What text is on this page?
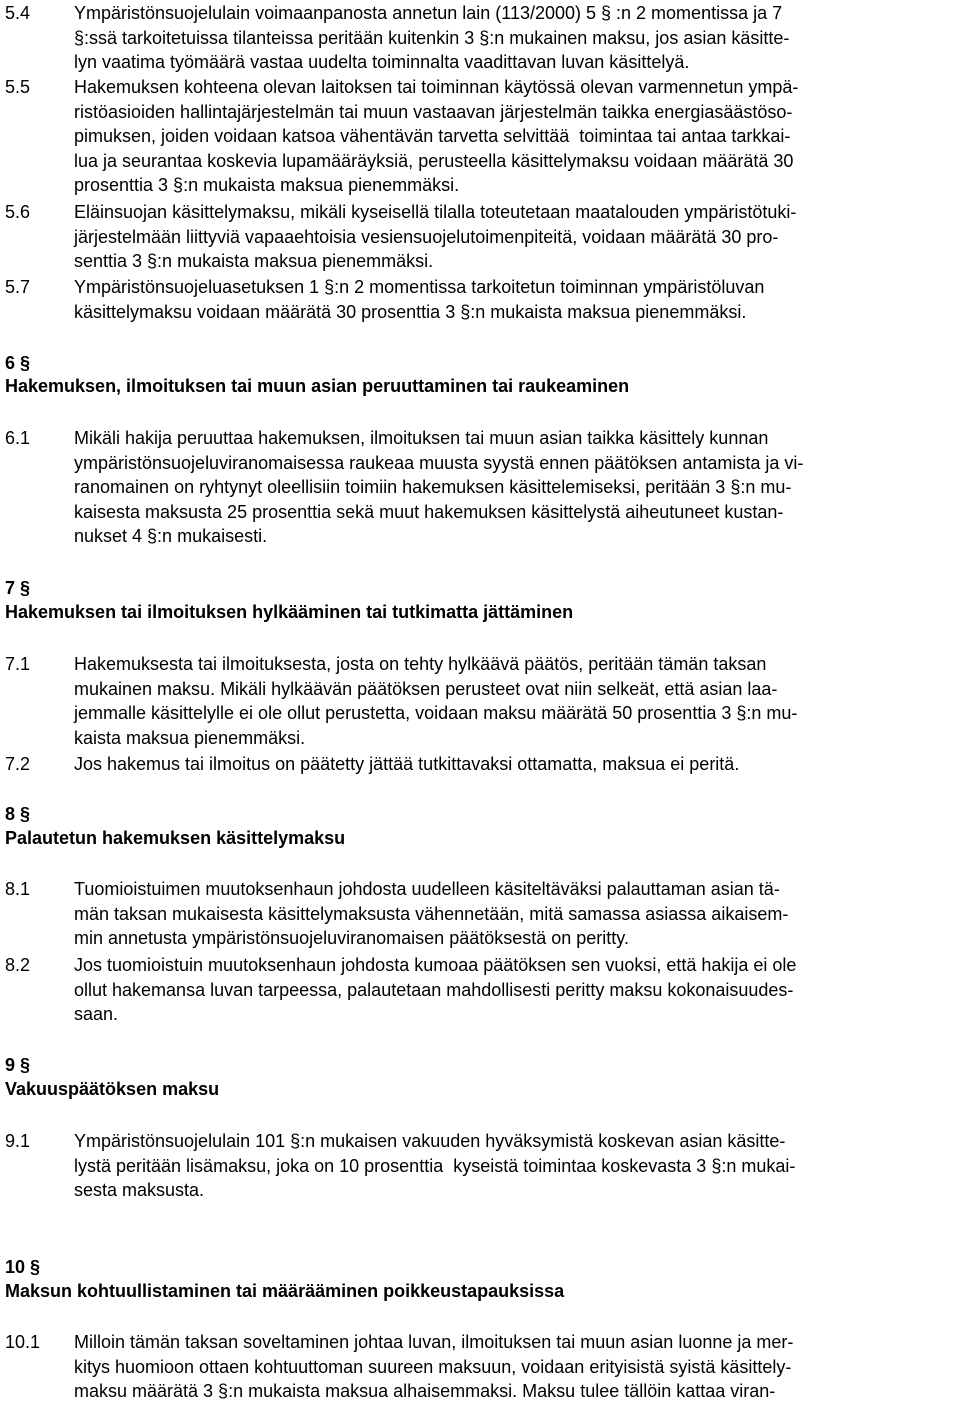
5.4 Ympäristönsuojelulain voimaanpanosta annetun lain (113/2000) 5 § :n 2 momentissa ja 7
§:ssä tarkoitetuissa tilanteissa peritään kuitenkin 3 §:n mukainen maksu, jos asian käsitte-
lyn vaatima työmäärä vastaa uudelta toiminnalta vaadittavan luvan käsittelyä.
5.5 Hakemuksen kohteena olevan laitoksen tai toiminnan käytössä olevan varmennetun ympä-
ristöasioiden hallintajärjestelmän tai muun vastaavan järjestelmän taikka energiasäästöso-
pimuksen, joiden voidaan katsoa vähentävän tarvetta selvittää  toimintaa tai antaa tarkkai-
lua ja seurantaa koskevia lupamääräyksiä, perusteella käsittelymaksu voidaan määrätä 30
prosenttia 3 §:n mukaista maksua pienemmäksi.
5.6 Eläinsuojan käsittelymaksu, mikäli kyseisellä tilalla toteutetaan maatalouden ympäristötuki-
järjestelmään liittyviä vapaaehtoisia vesiensuojelutoimenpiteitä, voidaan määrätä 30 pro-
senttia 3 §:n mukaista maksua pienemmäksi.
5.7 Ympäristönsuojeluasetuksen 1 §:n 2 momentissa tarkoitetun toiminnan ympäristöluvan
käsittelymaksu voidaan määrätä 30 prosenttia 3 §:n mukaista maksua pienemmäksi.
6 §
Hakemuksen, ilmoituksen tai muun asian peruuttaminen tai raukeaminen
6.1 Mikäli hakija peruuttaa hakemuksen, ilmoituksen tai muun asian taikka käsittely kunnan
ympäristönsuojeluviranomaisessa raukeaa muusta syystä ennen päätöksen antamista ja vi-
ranomainen on ryhtynyt oleellisiin toimiin hakemuksen käsittelemiseksi, peritään 3 §:n mu-
kaisesta maksusta 25 prosenttia sekä muut hakemuksen käsittelystä aiheutuneet kustan-
nukset 4 §:n mukaisesti.
7 §
Hakemuksen tai ilmoituksen hylkääminen tai tutkimatta jättäminen
7.1 Hakemuksesta tai ilmoituksesta, josta on tehty hylkäävä päätös, peritään tämän taksan
mukainen maksu. Mikäli hylkäävän päätöksen perusteet ovat niin selkeät, että asian laa-
jemmalle käsittelylle ei ole ollut perustetta, voidaan maksu määrätä 50 prosenttia 3 §:n mu-
kaista maksua pienemmäksi.
7.2 Jos hakemus tai ilmoitus on päätetty jättää tutkittavaksi ottamatta, maksua ei peritä.
8 §
Palautetun hakemuksen käsittelymaksu
8.1 Tuomioistuimen muutoksenhaun johdosta uudelleen käsiteltäväksi palauttaman asian tä-
män taksan mukaisesta käsittelymaksusta vähennetään, mitä samassa asiassa aikaisem-
min annetusta ympäristönsuojeluviranomaisen päätöksestä on peritty.
8.2 Jos tuomioistuin muutoksenhaun johdosta kumoaa päätöksen sen vuoksi, että hakija ei ole
ollut hakemansa luvan tarpeessa, palautetaan mahdollisesti peritty maksu kokonaisuudes-
saan.
9 §
Vakuuspäätöksen maksu
9.1 Ympäristönsuojelulain 101 §:n mukaisen vakuuden hyväksymistä koskevan asian käsitte-
lystä peritään lisämaksu, joka on 10 prosenttia  kyseistä toimintaa koskevasta 3 §:n mukai-
sesta maksusta.
10 §
Maksun kohtuullistaminen tai määrääminen poikkeustapauksissa
10.1 Milloin tämän taksan soveltaminen johtaa luvan, ilmoituksen tai muun asian luonne ja mer-
kitys huomioon ottaen kohtuuttoman suureen maksuun, voidaan erityisistä syistä käsittely-
maksu määrätä 3 §:n mukaista maksua alhaisemmaksi. Maksu tulee tällöin kattaa viran-
